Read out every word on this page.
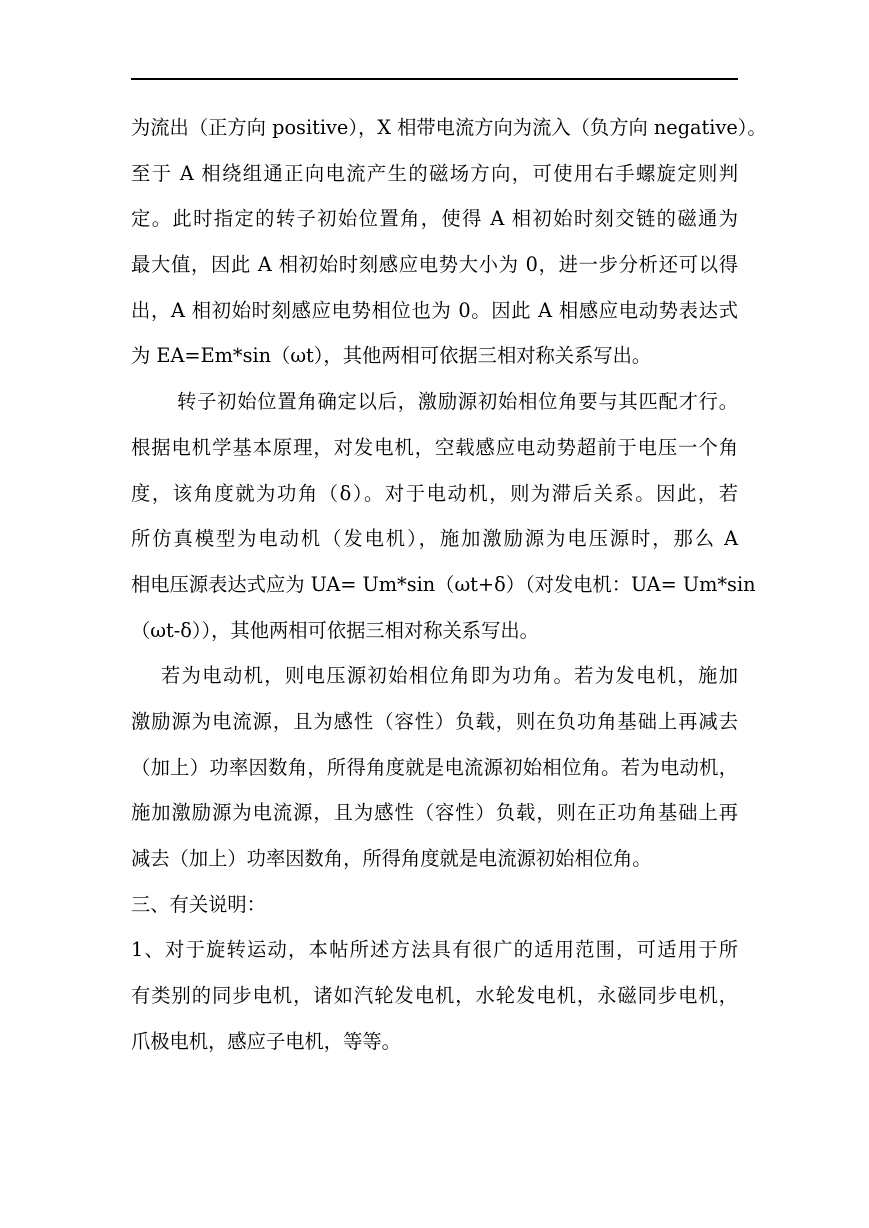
为流出（正方向 positive），X 相带电流方向为流入（负方向 negative）。
至于 A 相绕组通正向电流产生的磁场方向，可使用右手螺旋定则判
定。此时指定的转子初始位置角，使得 A 相初始时刻交链的磁通为
最大值，因此 A 相初始时刻感应电势大小为 0，进一步分析还可以得
出，A 相初始时刻感应电势相位也为 0。因此 A 相感应电动势表达式
为 EA=Em*sin（ωt），其他两相可依据三相对称关系写出。
转子初始位置角确定以后，激励源初始相位角要与其匹配才行。
根据电机学基本原理，对发电机，空载感应电动势超前于电压一个角
度，该角度就为功角（δ）。对于电动机，则为滞后关系。因此，若
所仿真模型为电动机（发电机），施加激励源为电压源时，那么 A
相电压源表达式应为 UA= Um*sin（ωt+δ）（对发电机：UA= Um*sin
（ωt-δ）），其他两相可依据三相对称关系写出。
若为电动机，则电压源初始相位角即为功角。若为发电机，施加
激励源为电流源，且为感性（容性）负载，则在负功角基础上再减去
（加上）功率因数角，所得角度就是电流源初始相位角。若为电动机，
施加激励源为电流源，且为感性（容性）负载，则在正功角基础上再
减去（加上）功率因数角，所得角度就是电流源初始相位角。
三、有关说明：
1、对于旋转运动，本帖所述方法具有很广的适用范围，可适用于所
有类别的同步电机，诸如汽轮发电机，水轮发电机，永磁同步电机，
爪极电机，感应子电机，等等。
